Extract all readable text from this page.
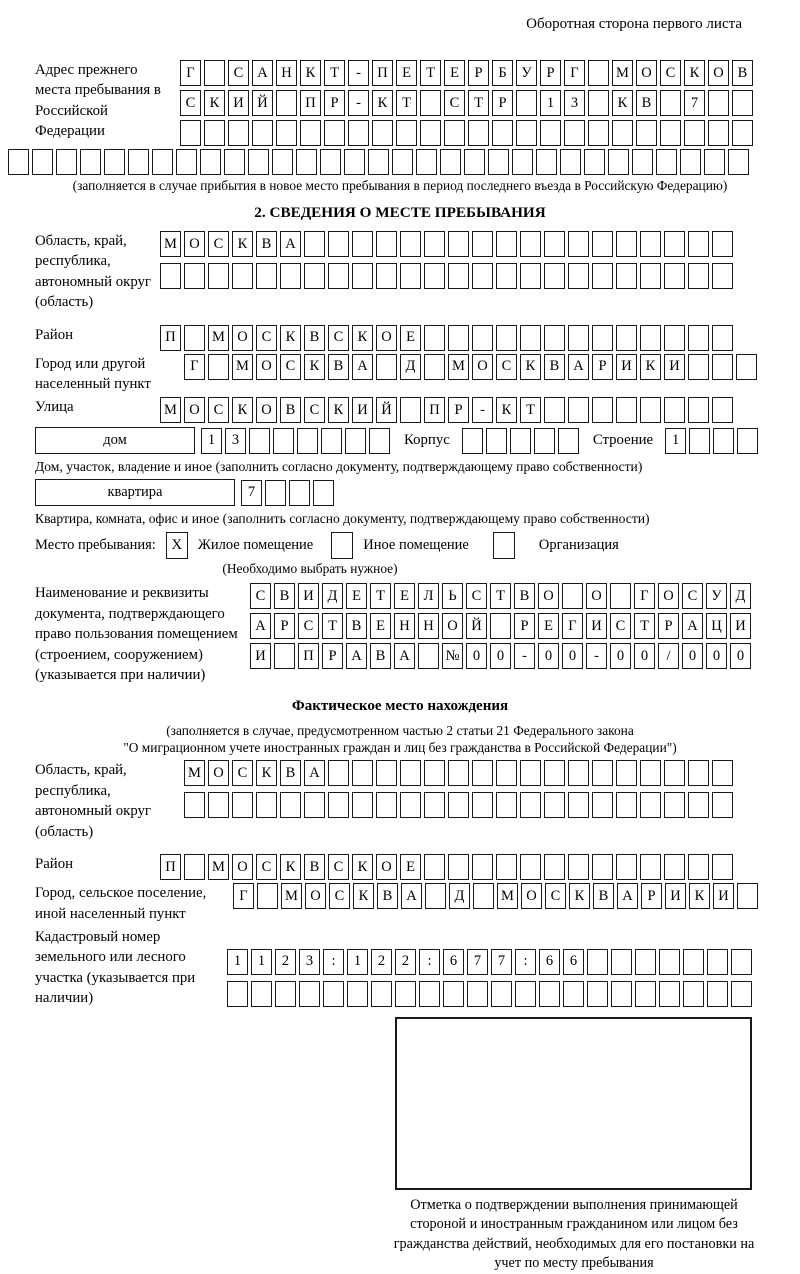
Оборотная сторона первого листа
Адрес прежнего места пребывания в Российской Федерации
Г	С А Н К	Т	-	П Е	Т	Е	Р	Б	У	Р	Г	М О С К О В
С К И Й	П	Р	-	К	Т	С	Т	Р	1	3	К В	7
(заполняется в случае прибытия в новое место пребывания в период последнего въезда в Российскую Федерацию)
2. СВЕДЕНИЯ О МЕСТЕ ПРЕБЫВАНИЯ
Область, край, республика, автономный округ (область)
М О С К В А
Район	П	М О С К В С К О Е
Город или другой населенный пункт
Г	М О С К В А	Д	М О С К В А	Р	И К И
Улица	М О С К О В С К И Й	П	Р	-	К	Т
дом	1	3	Корпус	Строение	1
Дом, участок, владение и иное (заполнить согласно документу, подтверждающему право собственности)
квартира	7
Квартира, комната, офис и иное (заполнить согласно документу, подтверждающему право собственности)
Место пребывания:	X	Жилое помещение	Иное помещение	Организация
(Необходимо выбрать нужное)
Наименование и реквизиты документа, подтверждающего право пользования помещением (строением, сооружением) (указывается при наличии)
С В И Д	Е	Т	Е	Л	Ь	С	Т	В О	О	Г	О С У Д
А	Р	С	Т	В	Е Н Н О Й	Р	Е	Г	И С	Т	Р	А Ц И
И	П	Р	А В А	№ 0	0	-	0	0	-	0	0	/	0	0	0
Фактическое место нахождения
(заполняется в случае, предусмотренном частью 2 статьи 21 Федерального закона
"О миграционном учете иностранных граждан и лиц без гражданства в Российской Федерации")
Область, край, республика, автономный округ (область)
М О С К В А
Район	П	М О С К В С К О Е
Город, сельское поселение, иной населенный пункт
Г	М О С К В А	Д	М О С К В А	Р	И К И
Кадастровый номер земельного или лесного участка (указывается при наличии)
1	1	2	3	:	1	2	2	:	6	7	7	:	6	6
Отметка о подтверждении выполнения принимающей стороной и иностранным гражданином или лицом без гражданства действий, необходимых для его постановки на учет по месту пребывания
